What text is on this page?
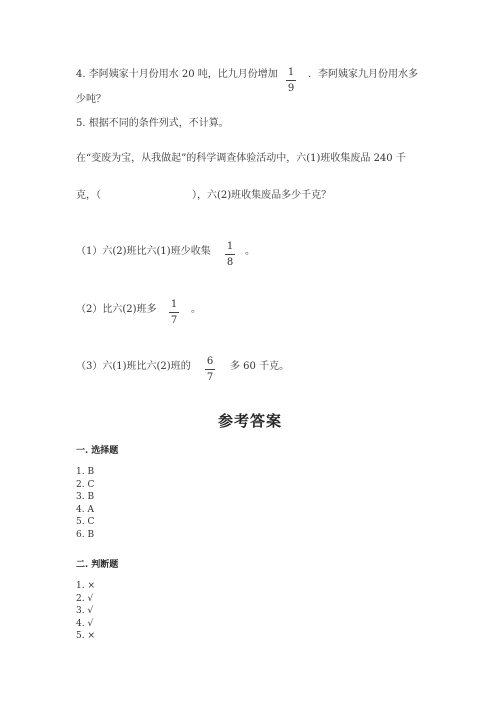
4. 李阿姨家十月份用水 20 吨，比九月份增加	1
9
．李阿姨家九月份用水多
少吨？
5. 根据不同的条件列式，不计算。
在“变废为宝，从我做起”的科学调查体验活动中，六(1)班收集废品 240 千
克，（	），六(2)班收集废品多少千克？
（1）六(2)班比六(1)班少收集	1
8
。
（2）比六(2)班多	1
7
。
（3）六(1)班比六(2)班的	6
7
多 60 千克。
参考答案
一. 选择题
1. B
2. C
3. B
4. A
5. C
6. B
二. 判断题
1. ×
2. √
3. √
4. √
5. ×
